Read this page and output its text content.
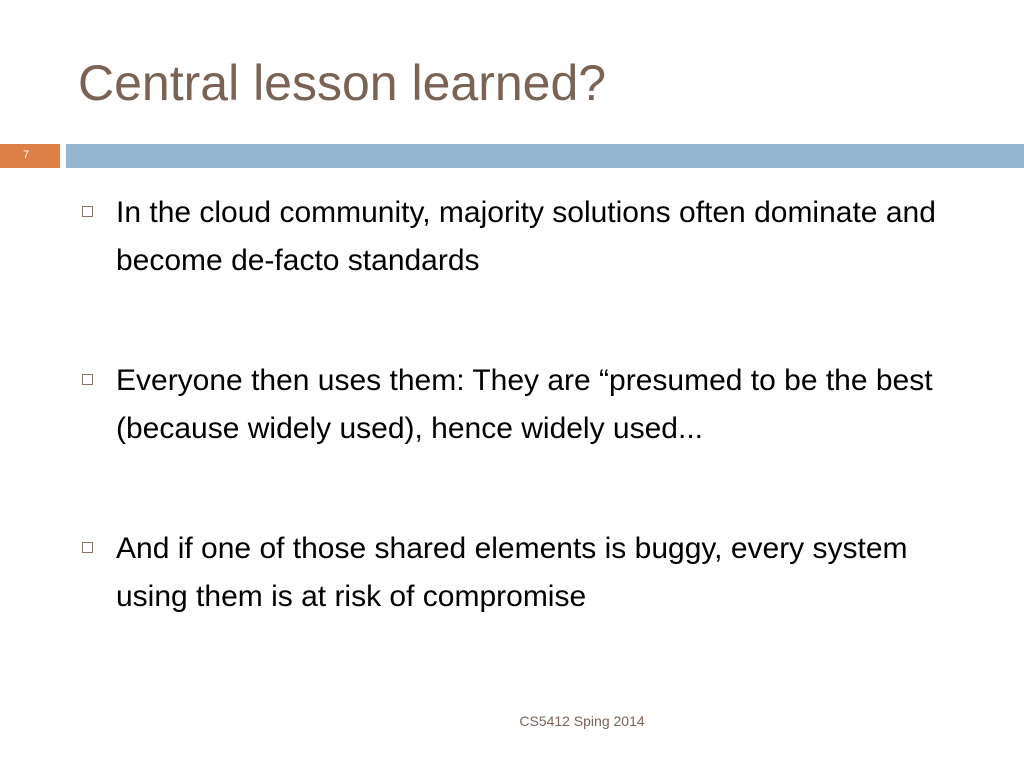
Central lesson learned?
7

In the cloud community, majority solutions often dominate and become de-facto standards

Everyone then uses them: They are “presumed to be the best (because widely used), hence widely used...

And if one of those shared elements is buggy, every system using them is at risk of compromise

CS5412 Sping 2014
